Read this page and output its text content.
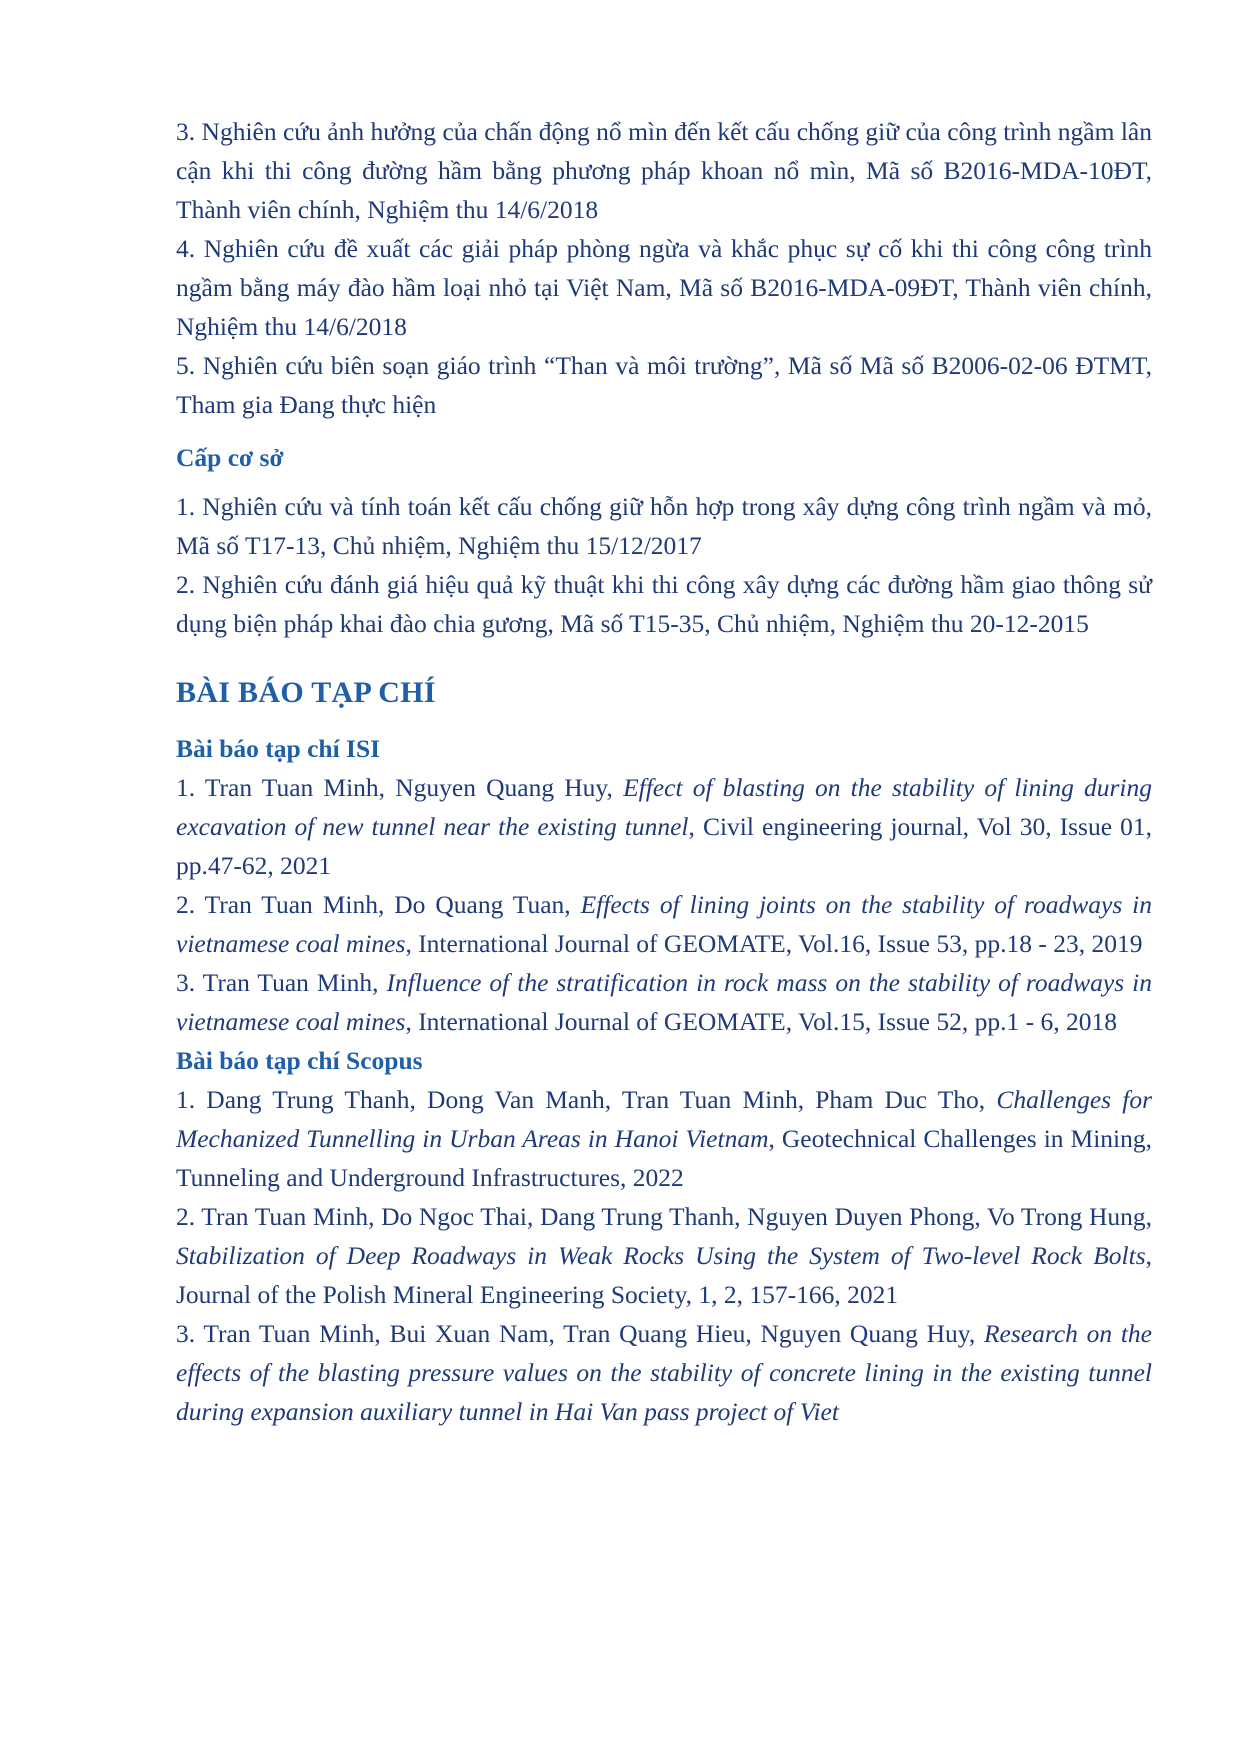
3. Nghiên cứu ảnh hưởng của chấn động nổ mìn đến kết cấu chống giữ của công trình ngầm lân cận khi thi công đường hầm bằng phương pháp khoan nổ mìn, Mã số B2016-MDA-10ĐT, Thành viên chính, Nghiệm thu 14/6/2018

4. Nghiên cứu đề xuất các giải pháp phòng ngừa và khắc phục sự cố khi thi công công trình ngầm bằng máy đào hầm loại nhỏ tại Việt Nam, Mã số B2016-MDA-09ĐT, Thành viên chính, Nghiệm thu 14/6/2018

5. Nghiên cứu biên soạn giáo trình “Than và môi trường”, Mã số Mã số B2006-02-06 ĐTMT, Tham gia Đang thực hiện

Cấp cơ sở

1. Nghiên cứu và tính toán kết cấu chống giữ hỗn hợp trong xây dựng công trình ngầm và mỏ, Mã số T17-13, Chủ nhiệm, Nghiệm thu 15/12/2017

2. Nghiên cứu đánh giá hiệu quả kỹ thuật khi thi công xây dựng các đường hầm giao thông sử dụng biện pháp khai đào chia gương, Mã số T15-35, Chủ nhiệm, Nghiệm thu 20-12-2015

BÀI BÁO TẠP CHÍ
Bài báo tạp chí ISI

1. Tran Tuan Minh, Nguyen Quang Huy, Effect of blasting on the stability of lining during excavation of new tunnel near the existing tunnel, Civil engineering journal, Vol 30, Issue 01, pp.47-62, 2021

2. Tran Tuan Minh, Do Quang Tuan, Effects of lining joints on the stability of roadways in vietnamese coal mines, International Journal of GEOMATE, Vol.16, Issue 53, pp.18 - 23, 2019

3. Tran Tuan Minh, Influence of the stratification in rock mass on the stability of roadways in vietnamese coal mines, International Journal of GEOMATE, Vol.15, Issue 52, pp.1 - 6, 2018

Bài báo tạp chí Scopus

1. Dang Trung Thanh, Dong Van Manh, Tran Tuan Minh, Pham Duc Tho, Challenges for Mechanized Tunnelling in Urban Areas in Hanoi Vietnam, Geotechnical Challenges in Mining, Tunneling and Underground Infrastructures, 2022

2. Tran Tuan Minh, Do Ngoc Thai, Dang Trung Thanh, Nguyen Duyen Phong, Vo Trong Hung, Stabilization of Deep Roadways in Weak Rocks Using the System of Two-level Rock Bolts, Journal of the Polish Mineral Engineering Society, 1, 2, 157-166, 2021

3. Tran Tuan Minh, Bui Xuan Nam, Tran Quang Hieu, Nguyen Quang Huy, Research on the effects of the blasting pressure values on the stability of concrete lining in the existing tunnel during expansion auxiliary tunnel in Hai Van pass project of Viet
